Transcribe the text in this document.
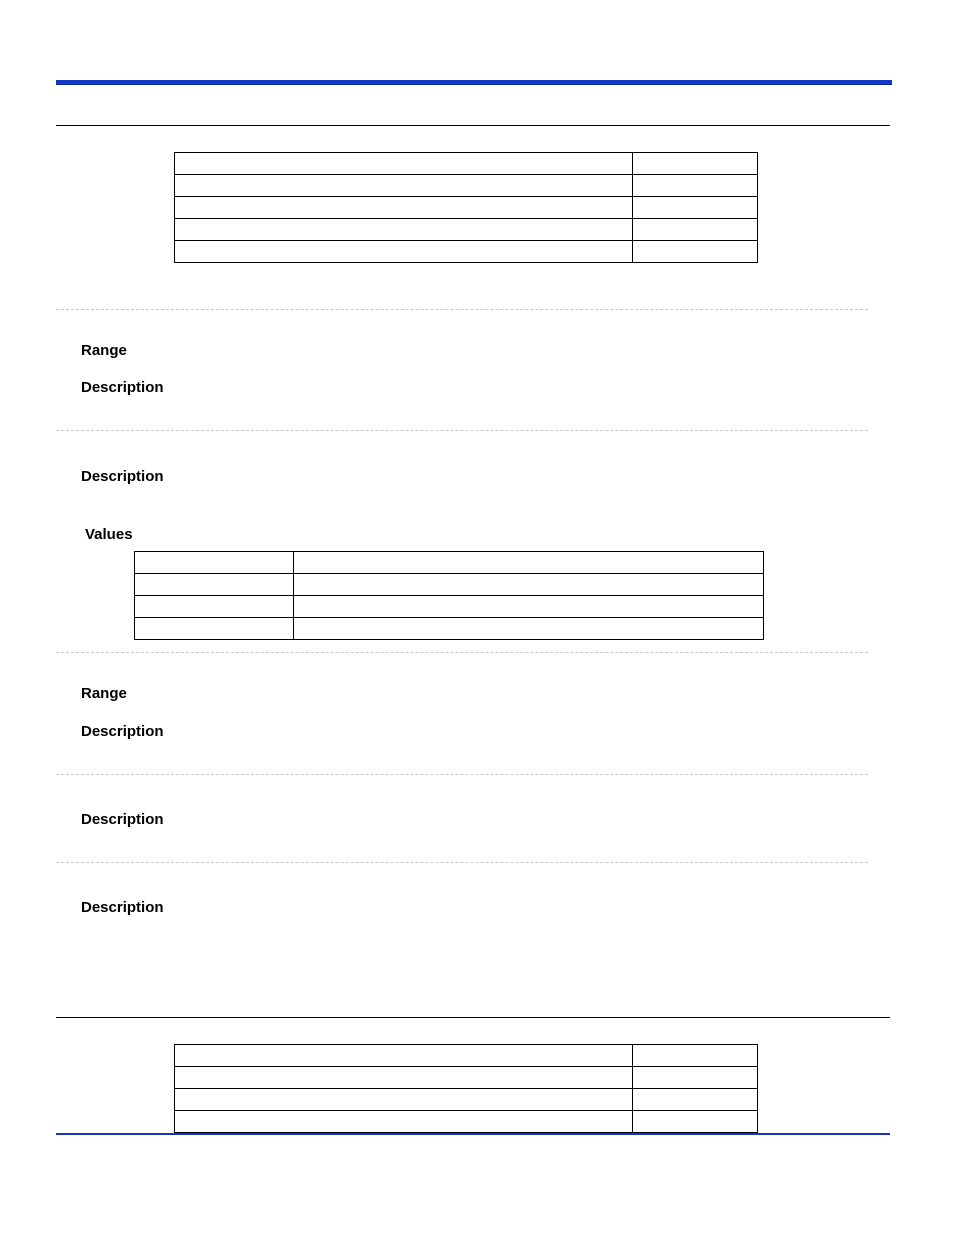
Range
Description
Description
Values

Range
Description
Description
Description
